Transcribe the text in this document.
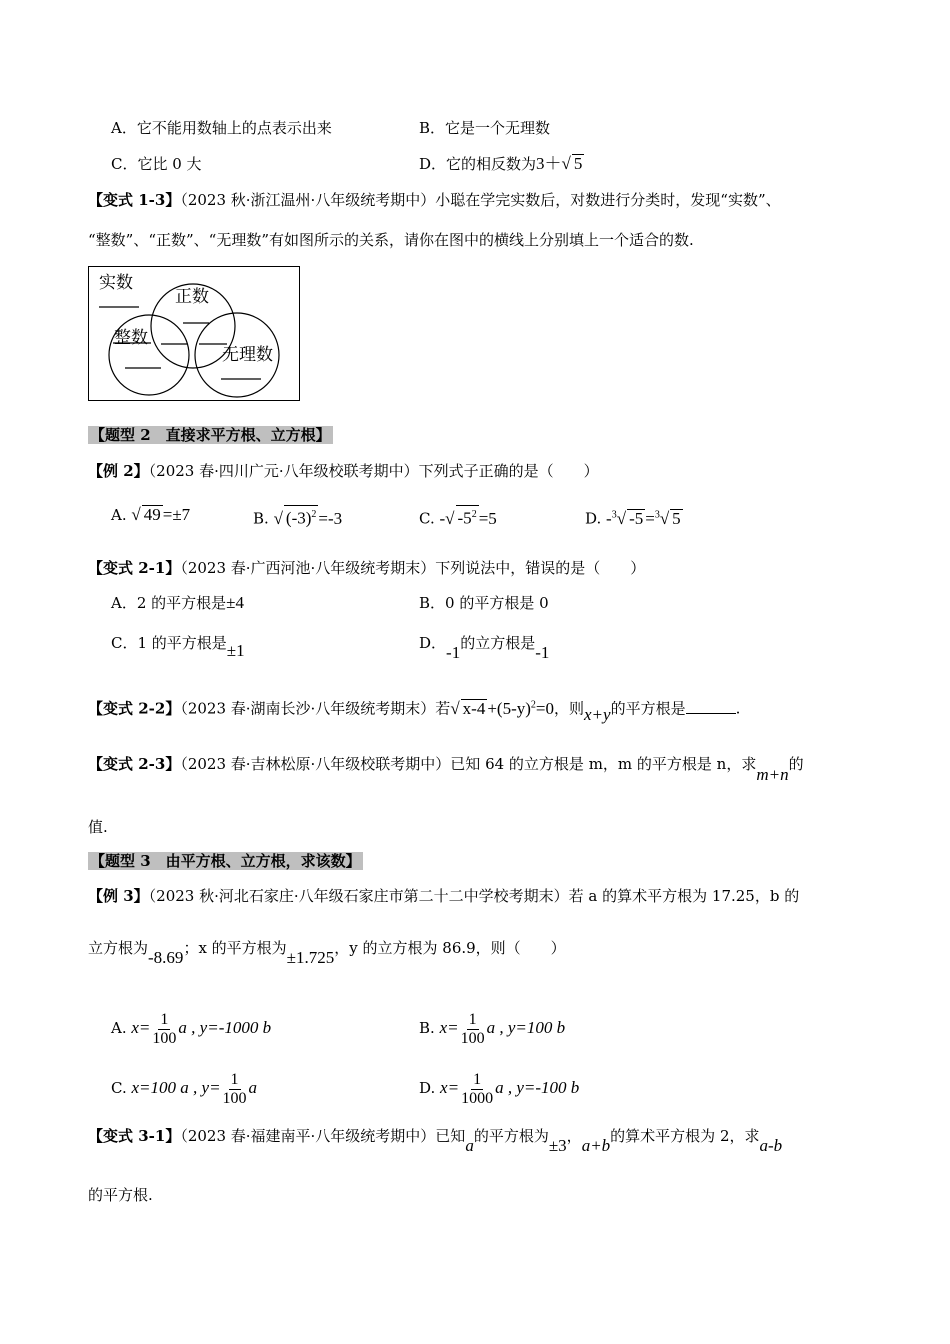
A．它不能用数轴上的点表示出来	B．它是一个无理数
C．它比 0 大	D．它的相反数为3＋√ 5
【变式 1-3】（2023 秋·浙江温州·八年级统考期中）小聪在学完实数后，对数进行分类时，发现“实数”、
“整数”、“正数”、“无理数”有如图所示的关系，请你在图中的横线上分别填上一个适合的数.
实数
正数
整数
无理数
【题型 2　直接求平方根、立方根】
【例 2】（2023 春·四川广元·八年级校联考期中）下列式子正确的是（　　）
A. √ 49 =±7	B. √ $(-3)^2 =-3$	C. -√ $-5^2 =5$	D. -$^3$√ -5 =$^3$√ 5
【变式 2-1】（2023 春·广西河池·八年级统考期末）下列说法中，错误的是（　　）
A．2 的平方根是±4	B．0 的平方根是 0
C．1 的平方根是±1	D．-1的立方根是-1
【变式 2-2】（2023 春·湖南长沙·八年级统考期末）若√ $x-4 +(5-y)^2=0$，则x+y的平方根是	.
【变式 2-3】（2023 春·吉林松原·八年级校联考期中）已知 64 的立方根是 m，m 的平方根是 n，求m+n的
值.
【题型 3　由平方根、立方根，求该数】
【例 3】（2023 秋·河北石家庄·八年级石家庄市第二十二中学校考期末）若 a 的算术平方根为 17.25，b 的
立方根为-8.69；x 的平方根为±1.725，y 的立方根为 86.9，则（　　）
A. $x= \frac{1}{100}$ a , y=-1000 b	B. $x= \frac{1}{100}$ a , y=100 b
C. x=100 a , $y= \frac{1}{100}$ a	D. $x= \frac{1}{1000}$ a , y=-100 b
【变式 3-1】（2023 春·福建南平·八年级统考期中）已知a的平方根为±3，a+b的算术平方根为 2，求a-b
的平方根.
